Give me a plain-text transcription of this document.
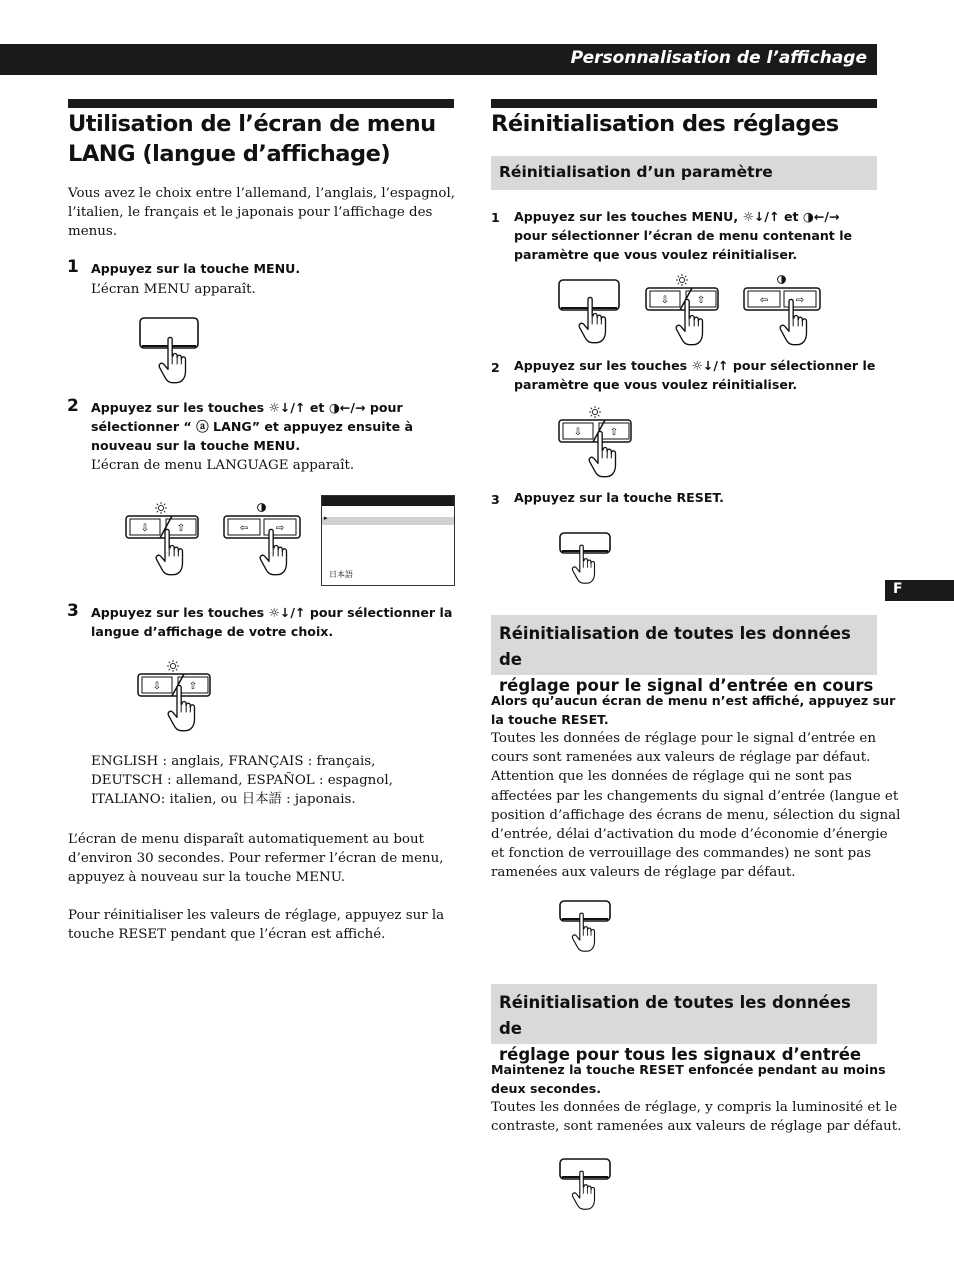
Personnalisation de l’affichage
F
Utilisation de l’écran de menu
LANG (langue d’affichage)
Vous avez le choix entre l’allemand, l’anglais, l’espagnol,
l’italien, le français et le japonais pour l’affichage des
menus.
1 Appuyez sur la touche MENU.
L’écran MENU apparaît.
2 Appuyez sur les touches ☼↓/↑ et ◑←/→ pour
sélectionner “ ⓐ LANG” et appuyez ensuite à
nouveau sur la touche MENU.
L’écran de menu LANGUAGE apparaît.
⇩	⇧	⇦	⇨
▸
日本語
3 Appuyez sur les touches ☼↓/↑ pour sélectionner la
langue d’affichage de votre choix.
⇩	⇧
ENGLISH : anglais, FRANÇAIS : français,
DEUTSCH : allemand, ESPAÑOL : espagnol,
ITALIANO: italien, ou 日本語 : japonais.
L’écran de menu disparaît automatiquement au bout
d’environ 30 secondes. Pour refermer l’écran de menu,
appuyez à nouveau sur la touche MENU.
Pour réinitialiser les valeurs de réglage, appuyez sur la
touche RESET pendant que l’écran est affiché.
Réinitialisation des réglages
Réinitialisation d’un paramètre
1 Appuyez sur les touches MENU, ☼↓/↑ et ◑←/→
pour sélectionner l’écran de menu contenant le
paramètre que vous voulez réinitialiser.
⇩	⇧	⇦	⇨
2 Appuyez sur les touches ☼↓/↑ pour sélectionner le
paramètre que vous voulez réinitialiser.
⇩	⇧
3 Appuyez sur la touche RESET.
Réinitialisation de toutes les données de
réglage pour le signal d’entrée en cours
Alors qu’aucun écran de menu n’est affiché, appuyez sur
la touche RESET.
Toutes les données de réglage pour le signal d’entrée en
cours sont ramenées aux valeurs de réglage par défaut.
Attention que les données de réglage qui ne sont pas
affectées par les changements du signal d’entrée (langue et
position d’affichage des écrans de menu, sélection du signal
d’entrée, délai d’activation du mode d’économie d’énergie
et fonction de verrouillage des commandes) ne sont pas
ramenées aux valeurs de réglage par défaut.
Réinitialisation de toutes les données de
réglage pour tous les signaux d’entrée
Maintenez la touche RESET enfoncée pendant au moins
deux secondes.
Toutes les données de réglage, y compris la luminosité et le
contraste, sont ramenées aux valeurs de réglage par défaut.
